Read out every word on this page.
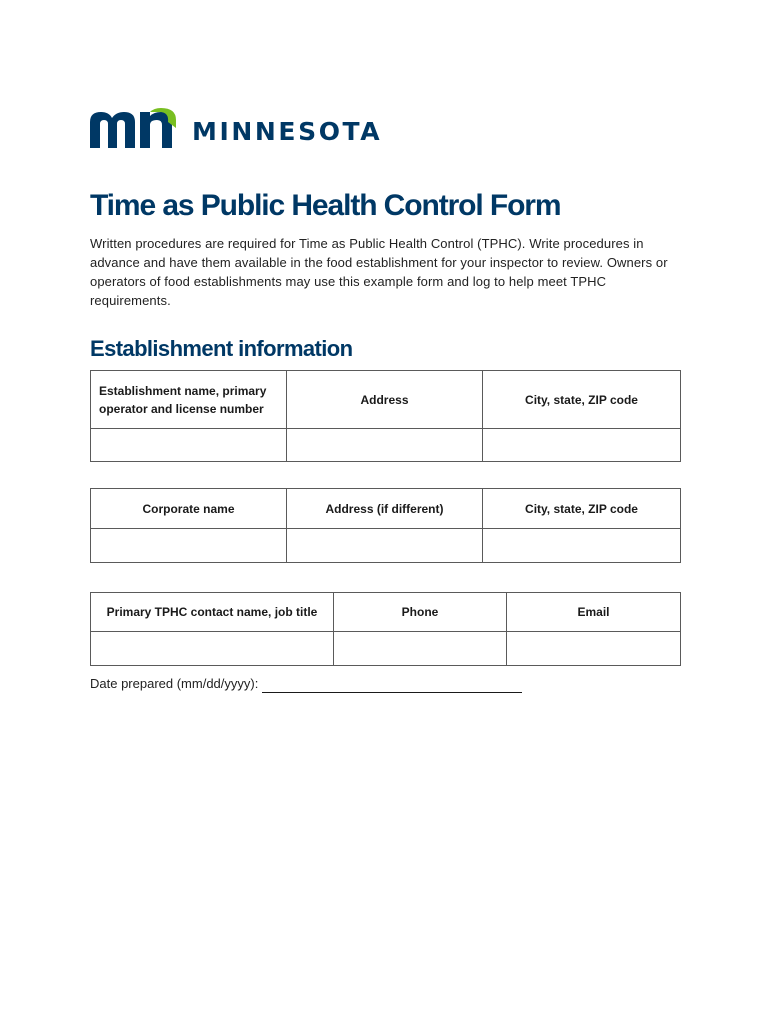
MINNESOTA
Time as Public Health Control Form

Written procedures are required for Time as Public Health Control (TPHC). Write procedures in advance and have them available in the food establishment for your inspector to review. Owners or operators of food establishments may use this example form and log to help meet TPHC requirements.

Establishment information
Establishment name, primary operator and license number	Address	City, state, ZIP code

Corporate name	Address (if different)	City, state, ZIP code

Primary TPHC contact name, job title	Phone	Email

Date prepared (mm/dd/yyyy):
